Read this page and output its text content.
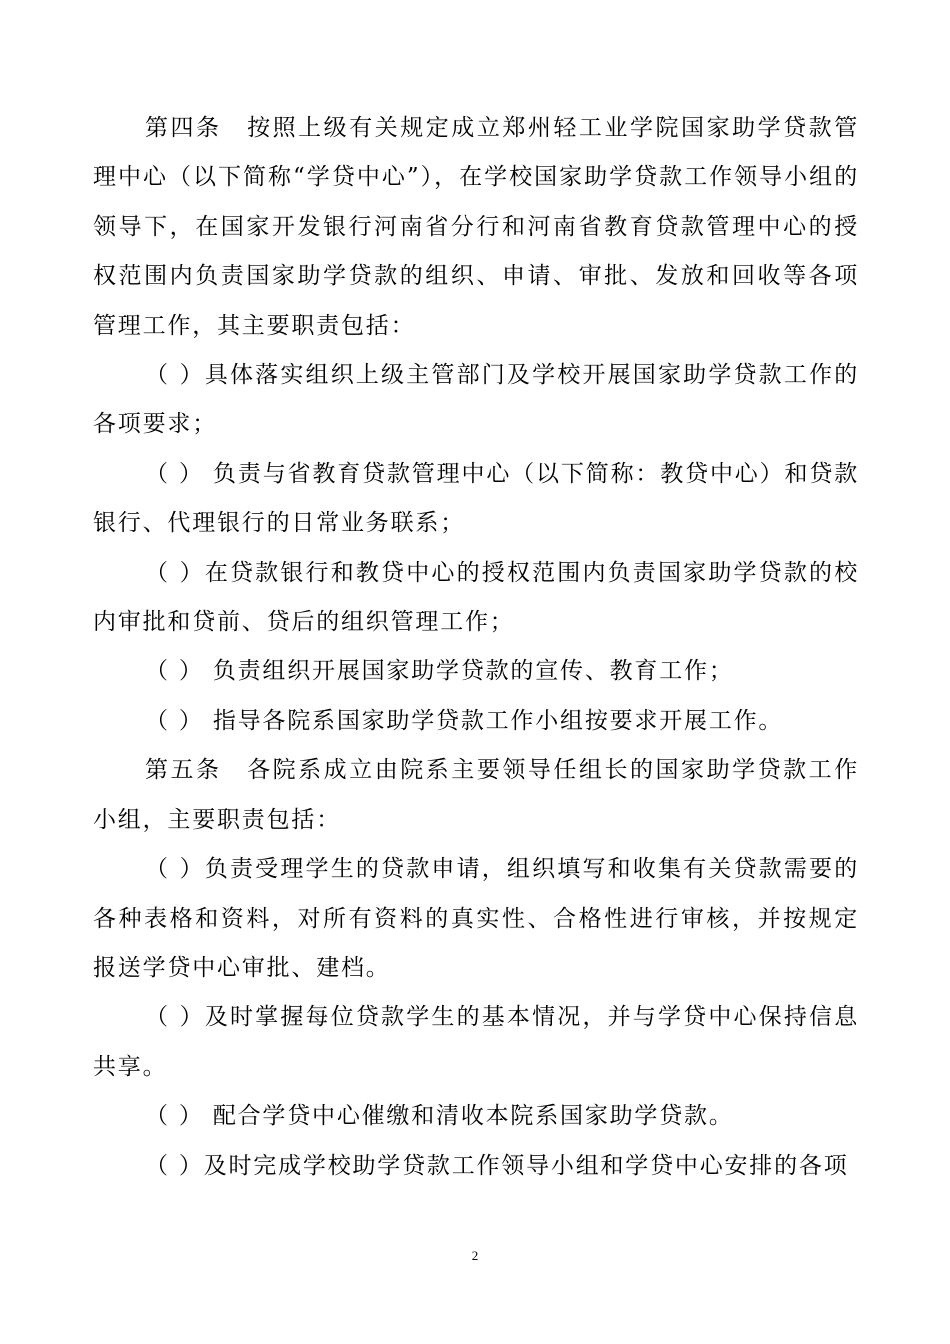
第四条　按照上级有关规定成立郑州轻工业学院国家助学贷款管理中心（以下简称“学贷中心”），在学校国家助学贷款工作领导小组的领导下，在国家开发银行河南省分行和河南省教育贷款管理中心的授权范围内负责国家助学贷款的组织、申请、审批、发放和回收等各项管理工作，其主要职责包括：

（ ）具体落实组织上级主管部门及学校开展国家助学贷款工作的各项要求；

（ ） 负责与省教育贷款管理中心（以下简称：教贷中心）和贷款银行、代理银行的日常业务联系；

（ ）在贷款银行和教贷中心的授权范围内负责国家助学贷款的校内审批和贷前、贷后的组织管理工作；

（ ） 负责组织开展国家助学贷款的宣传、教育工作；

（ ） 指导各院系国家助学贷款工作小组按要求开展工作。

第五条　各院系成立由院系主要领导任组长的国家助学贷款工作小组，主要职责包括：

（ ）负责受理学生的贷款申请，组织填写和收集有关贷款需要的各种表格和资料，对所有资料的真实性、合格性进行审核，并按规定报送学贷中心审批、建档。

（ ）及时掌握每位贷款学生的基本情况，并与学贷中心保持信息共享。

（ ） 配合学贷中心催缴和清收本院系国家助学贷款。

（ ）及时完成学校助学贷款工作领导小组和学贷中心安排的各项

2
